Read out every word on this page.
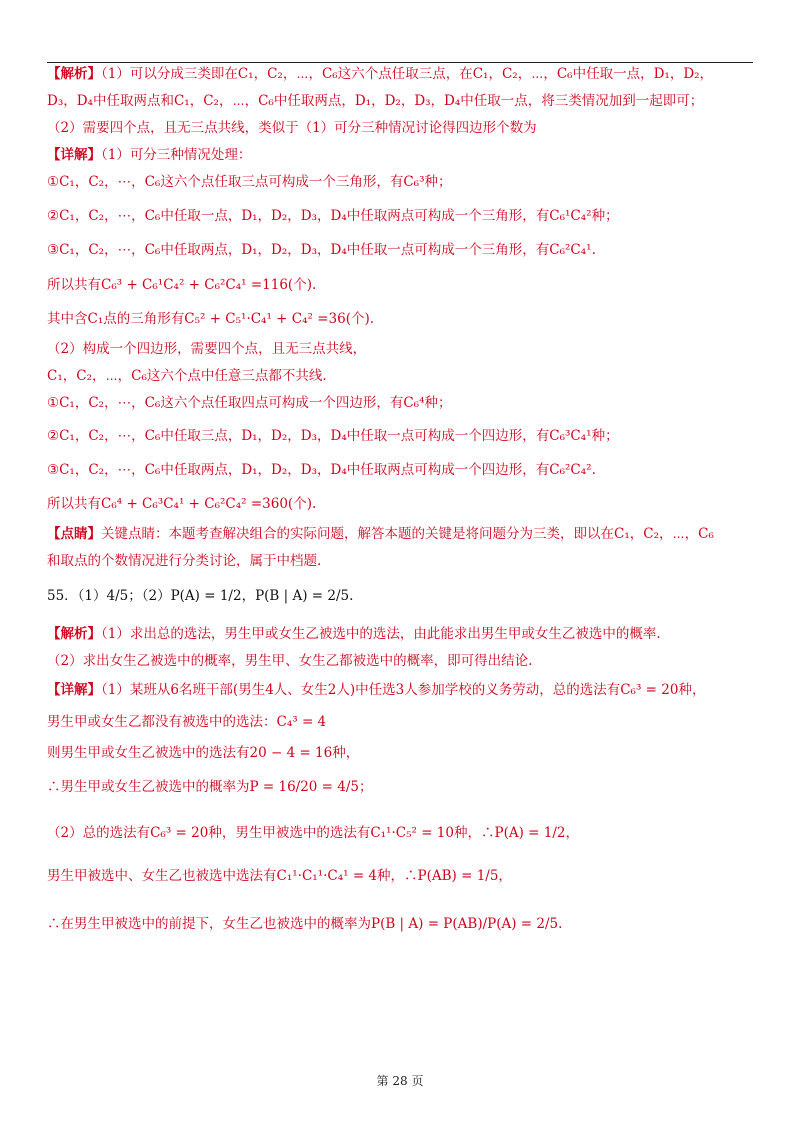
【解析】（1）可以分成三类即在C₁，C₂，⋯，C₆这六个点任取三点，在C₁，C₂，⋯，C₆中任取一点，D₁，D₂，
D₃，D₄中任取两点和C₁，C₂，⋯，C₆中任取两点，D₁，D₂，D₃，D₄中任取一点，将三类情况加到一起即可；
（2）需要四个点，且无三点共线，类似于（1）可分三种情况讨论得四边形个数为
【详解】（1）可分三种情况处理：
①C₁，C₂，⋯，C₆这六个点任取三点可构成一个三角形，有C₆³种；
②C₁，C₂，⋯，C₆中任取一点，D₁，D₂，D₃，D₄中任取两点可构成一个三角形，有C₆¹C₄²种；
③C₁，C₂，⋯，C₆中任取两点，D₁，D₂，D₃，D₄中任取一点可构成一个三角形，有C₆²C₄¹.
所以共有C₆³ + C₆¹C₄² + C₆²C₄¹ =116(个).
其中含C₁点的三角形有C₅² + C₅¹·C₄¹ + C₄² =36(个).
（2）构成一个四边形，需要四个点，且无三点共线，
C₁，C₂，⋯，C₆这六个点中任意三点都不共线.
①C₁，C₂，⋯，C₆这六个点任取四点可构成一个四边形，有C₆⁴种；
②C₁，C₂，⋯，C₆中任取三点，D₁，D₂，D₃，D₄中任取一点可构成一个四边形，有C₆³C₄¹种；
③C₁，C₂，⋯，C₆中任取两点，D₁，D₂，D₃，D₄中任取两点可构成一个四边形，有C₆²C₄².
所以共有C₆⁴ + C₆³C₄¹ + C₆²C₄² =360(个).
【点睛】关键点睛：本题考查解决组合的实际问题，解答本题的关键是将问题分为三类，即以在C₁，C₂，⋯，C₆
和取点的个数情况进行分类讨论，属于中档题.
55．（1）4/5；（2）P(A) = 1/2，P(B | A) = 2/5.
【解析】（1）求出总的选法，男生甲或女生乙被选中的选法，由此能求出男生甲或女生乙被选中的概率.
（2）求出女生乙被选中的概率，男生甲、女生乙都被选中的概率，即可得出结论.
【详解】（1）某班从6名班干部(男生4人、女生2人)中任选3人参加学校的义务劳动，总的选法有C₆³ = 20种，
男生甲或女生乙都没有被选中的选法：C₄³ = 4
则男生甲或女生乙被选中的选法有20 − 4 = 16种，
∴男生甲或女生乙被选中的概率为P = 16/20 = 4/5；
（2）总的选法有C₆³ = 20种，男生甲被选中的选法有C₁¹·C₅² = 10种，∴P(A) = 1/2，
男生甲被选中、女生乙也被选中选法有C₁¹·C₁¹·C₄¹ = 4种，∴P(AB) = 1/5，
∴在男生甲被选中的前提下，女生乙也被选中的概率为P(B | A) = P(AB)/P(A) = 2/5.
第 28 页
